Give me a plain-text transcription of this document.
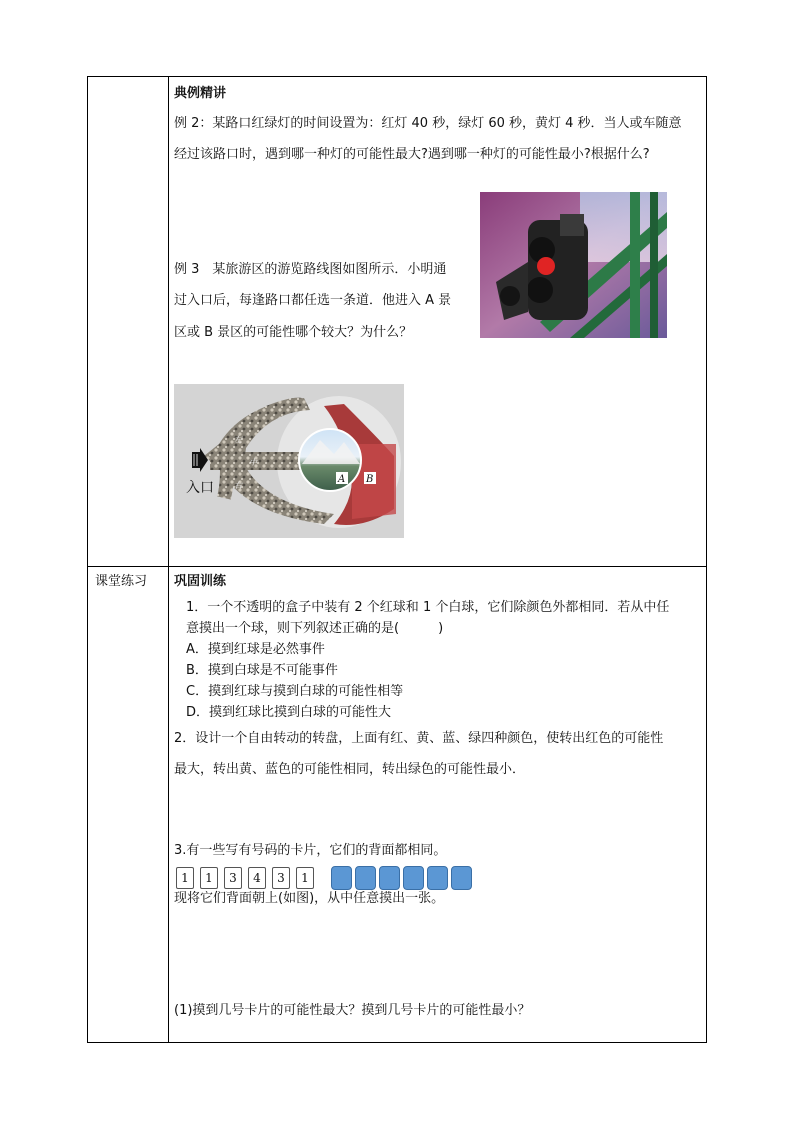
典例精讲
例 2：某路口红绿灯的时间设置为：红灯 40 秒，绿灯 60 秒，黄灯 4 秒．当人或车随意
经过该路口时，遇到哪一种灯的可能性最大?遇到哪一种灯的可能性最小?根据什么?
例 3　某旅游区的游览路线图如图所示．小明通
过入口后，每逢路口都任选一条道．他进入 A 景
区或 B 景区的可能性哪个较大？为什么？
入口
左
中
右
A B
课堂练习 巩固训练
1．一个不透明的盒子中装有 2 个红球和 1 个白球，它们除颜色外都相同．若从中任
意摸出一个球，则下列叙述正确的是(　　　)
A．摸到红球是必然事件
B．摸到白球是不可能事件
C．摸到红球与摸到白球的可能性相等
D．摸到红球比摸到白球的可能性大
2．设计一个自由转动的转盘，上面有红、黄、蓝、绿四种颜色，使转出红色的可能性
最大，转出黄、蓝色的可能性相同，转出绿色的可能性最小．
3.有一些写有号码的卡片，它们的背面都相同。
现将它们背面朝上(如图)，从中任意摸出一张。
1	1	3	4	3	1
(1)摸到几号卡片的可能性最大？摸到几号卡片的可能性最小？
